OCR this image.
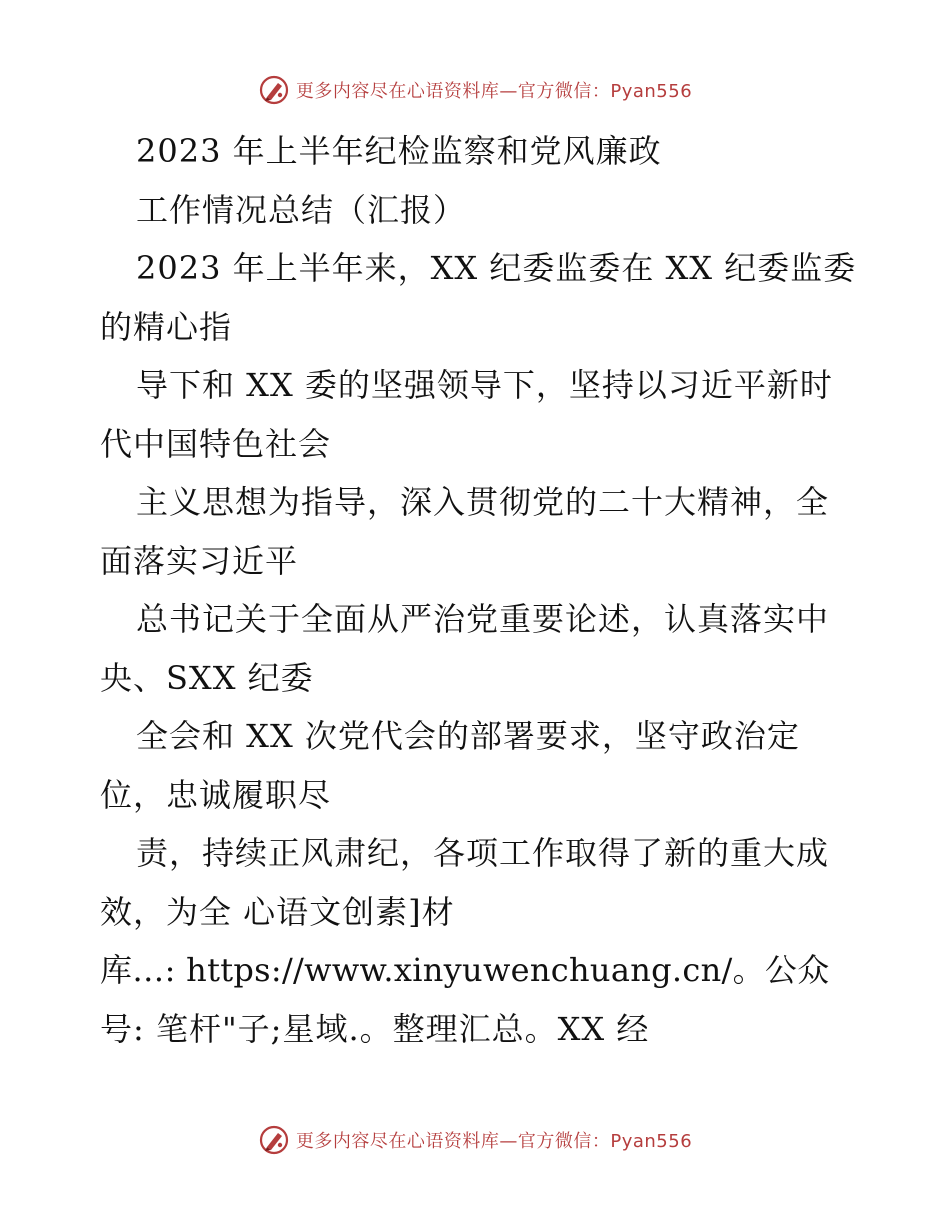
更多内容尽在心语资料库—官方微信：Pyan556
2023 年上半年纪检监察和党风廉政
工作情况总结（汇报）
2023 年上半年来，XX 纪委监委在 XX 纪委监委
的精心指
导下和 XX 委的坚强领导下，坚持以习近平新时
代中国特色社会
主义思想为指导，深入贯彻党的二十大精神，全
面落实习近平
总书记关于全面从严治党重要论述，认真落实中
央、SXX 纪委
全会和 XX 次党代会的部署要求，坚守政治定
位，忠诚履职尽
责，持续正风肃纪，各项工作取得了新的重大成
效，为全 心语文创素]材
库…: https://www.xinyuwenchuang.cn/。公众
号: 笔杆"子;星域.。整理汇总。XX 经
更多内容尽在心语资料库—官方微信：Pyan556
